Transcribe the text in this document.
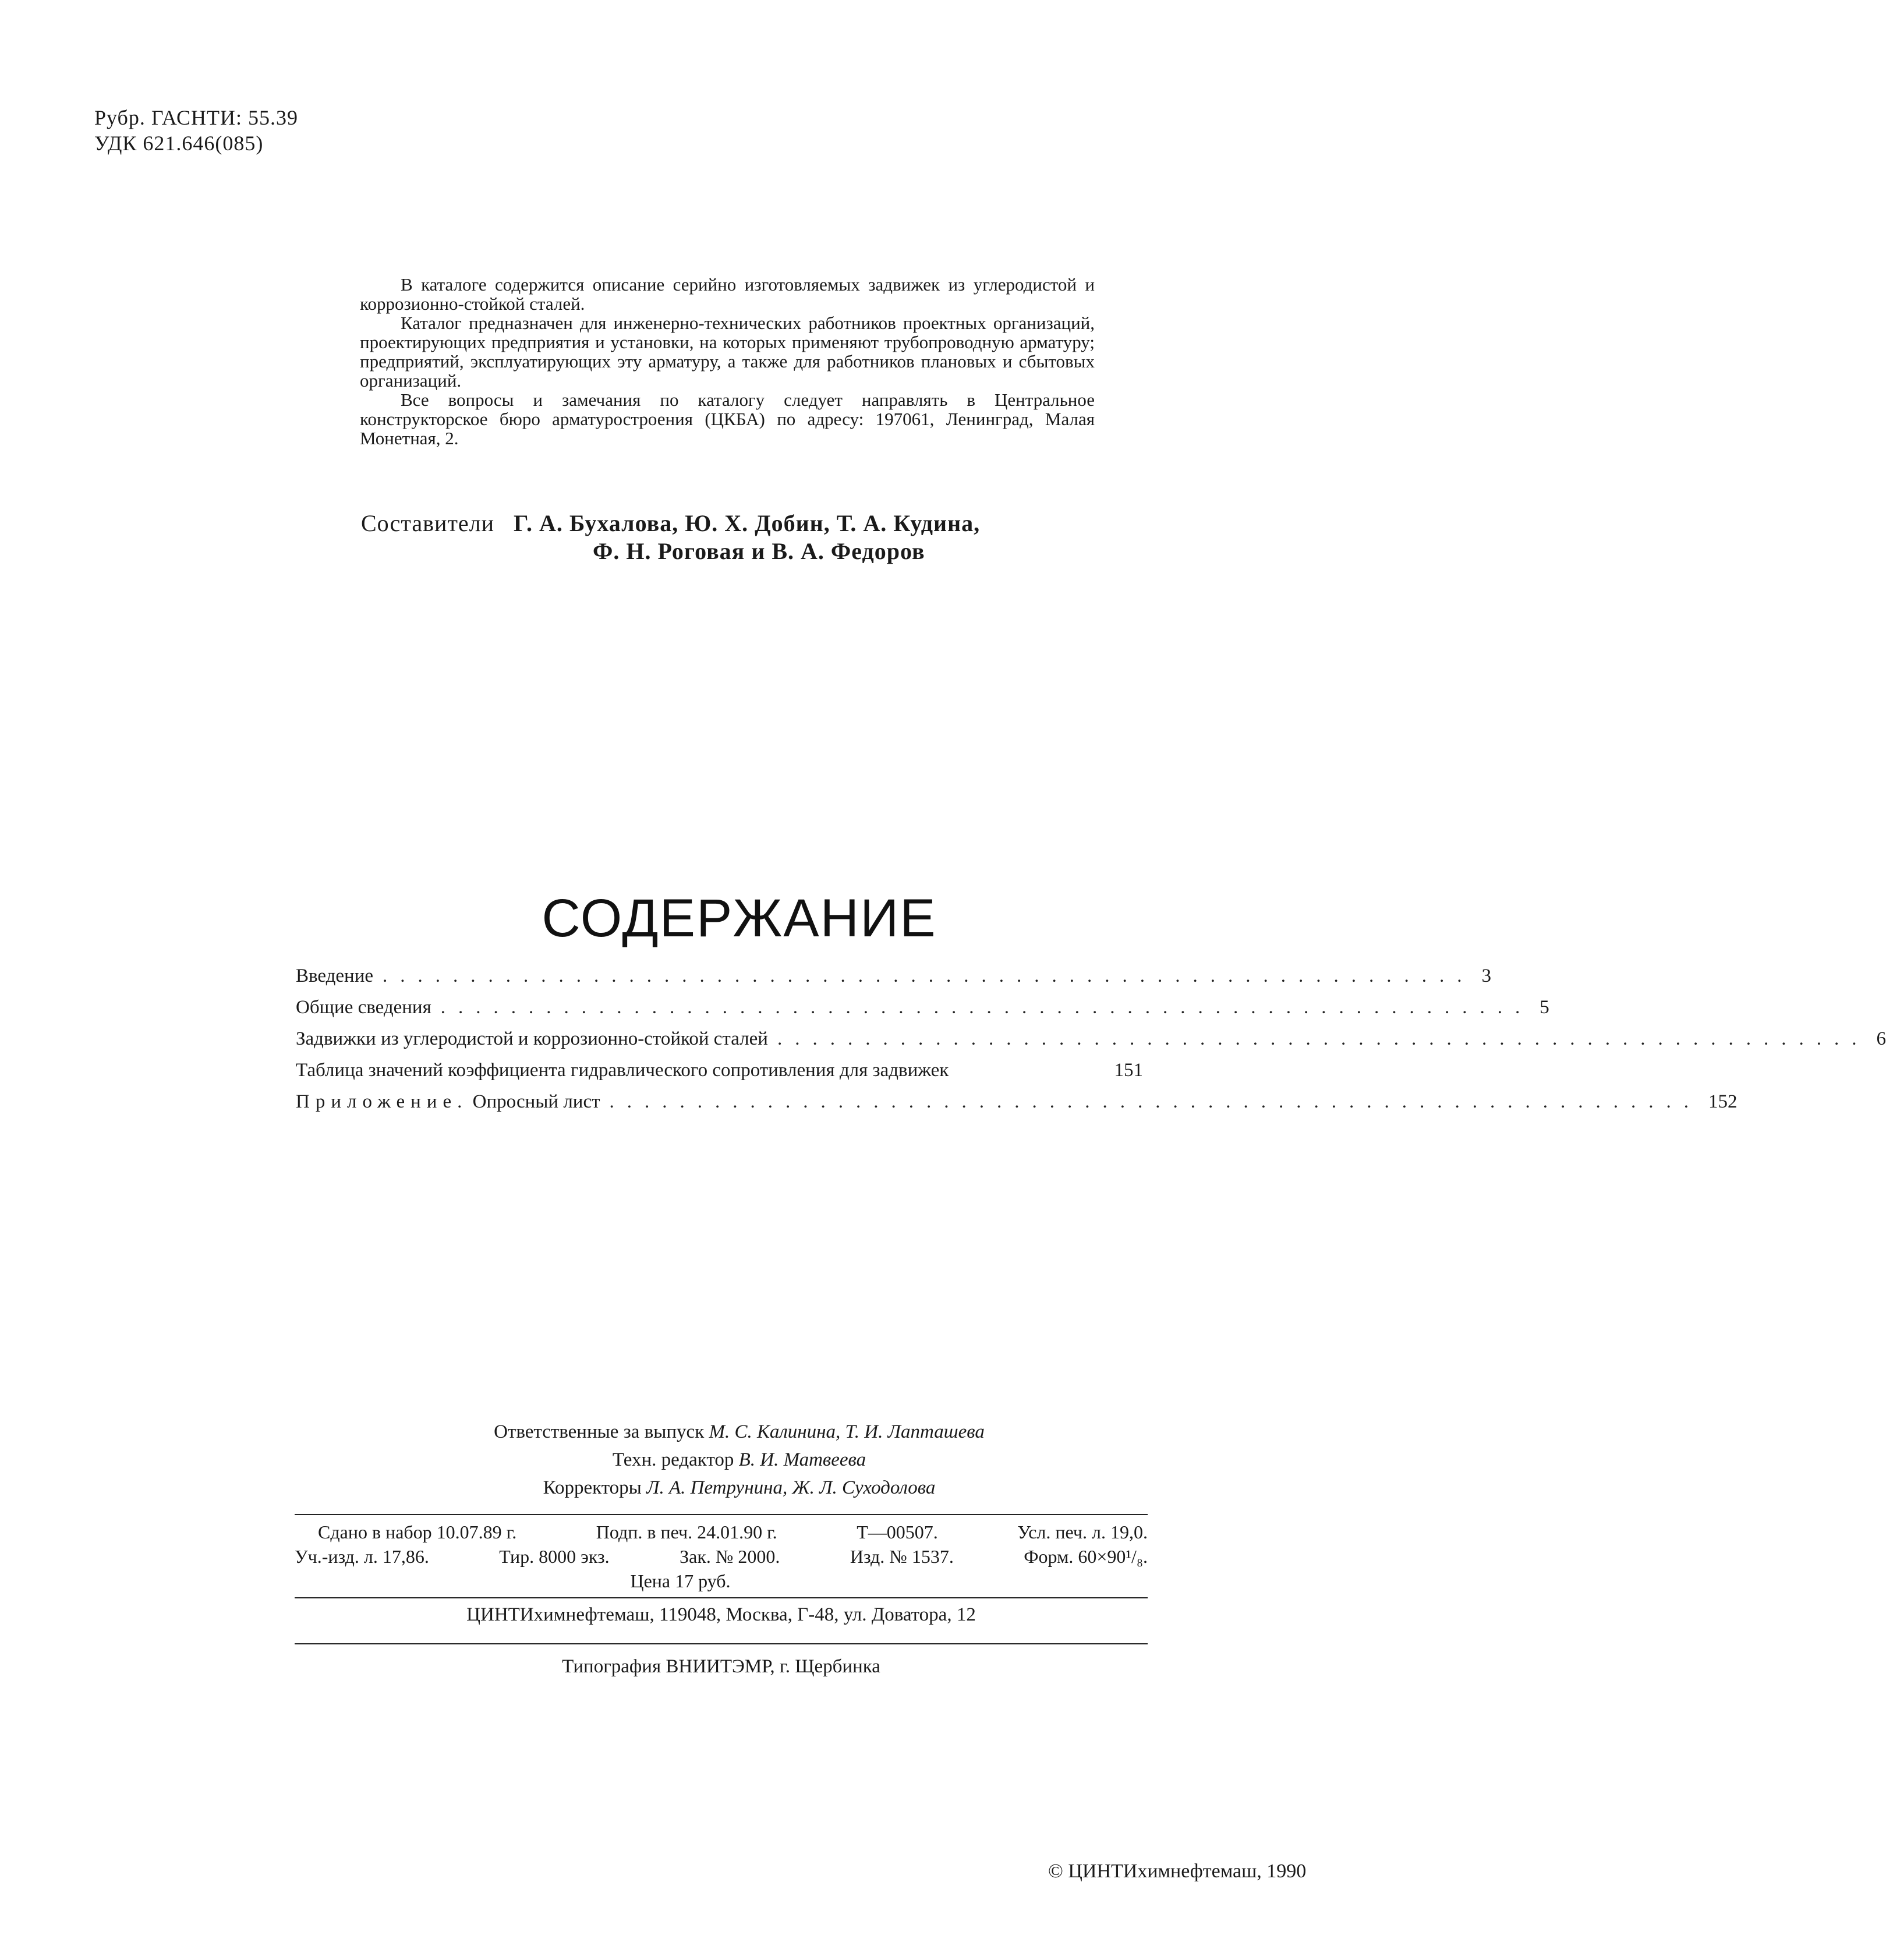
Рубр. ГАСНТИ: 55.39
УДК 621.646(085)

В каталоге содержится описание серийно изготовляемых задвижек из углеродистой и коррозионно-стойкой сталей.

Каталог предназначен для инженерно-технических работников проектных организаций, проектирующих предприятия и установки, на которых применяют трубопроводную арматуру; предприятий, эксплуатирующих эту арматуру, а также для работников плановых и сбытовых организаций.

Все вопросы и замечания по каталогу следует направлять в Центральное конструкторское бюро арматуростроения (ЦКБА) по адресу: 197061, Ленинград, Малая Монетная, 2.

Составители Г. А. Бухалова, Ю. Х. Добин, Т. А. Кудина,
Ф. Н. Роговая и В. А. Федоров
СОДЕРЖАНИЕ
Введение .............................................................. 3
Общие сведения .............................................................. 5
Задвижки из углеродистой и коррозионно-стойкой сталей .............................................................. 6
Таблица значений коэффициента гидравлического сопротивления для задвижек	151
Приложение. Опросный лист .............................................................. 152
Ответственные за выпуск М. С. Калинина, Т. И. Лапташева
Техн. редактор В. И. Матвеева
Корректоры Л. А. Петрунина, Ж. Л. Суходолова
Сдано в набор 10.07.89 г.	Подп. в печ. 24.01.90 г.	Т—00507.	Усл. печ. л. 19,0.
Уч.-изд. л. 17,86.	Тир. 8000 экз.	Зак. № 2000.	Изд. № 1537.	Форм. 60×90¹/₈.
Цена 17 руб.
ЦИНТИхимнефтемаш, 119048, Москва, Г-48, ул. Доватора, 12
Типография ВНИИТЭМР, г. Щербинка
© ЦИНТИхимнефтемаш, 1990
